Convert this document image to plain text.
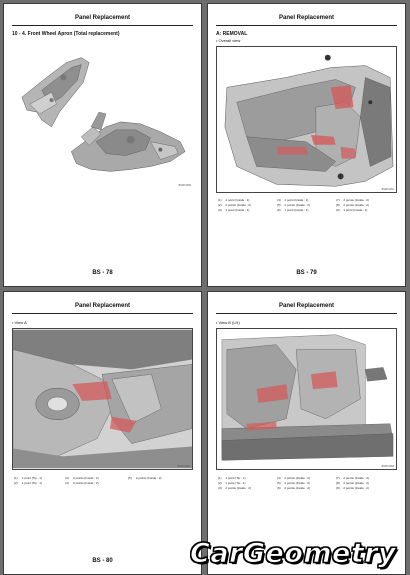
Panel Replacement
10 - 4. Front Wheel Apron (Total replacement)
BSM01050
BS - 78
Panel Replacement
A: REMOVAL
• Overall view
BSM01051
(1)	1 point (Inside : 1)	(4)	1 point (Inside : 1)	(7)	2 points (Inside : 2)
(2)	2 points (Inside : 2)	(5)	2 points (Inside : 2)	(8)	2 points (Inside : 2)
(3)	1 point (Inside : 1)	(6)	1 point (Inside : 1)	(9)	1 point (Inside : 1)
BS - 79
Panel Replacement
• View A
BSM01052
(1)	1 point (Tip : 1)	(3)	2 points (Inside : 2)	(5)	2 points (Inside : 2)
(2)	1 point (Tip : 1)	(4)	2 points (Inside : 2)		
BS - 80
Panel Replacement
• View B (LH)
BSM01053
(1)	1 point (Tip : 1)	(4)	2 points (Inside : 2)	(7)	2 points (Inside : 2)
(2)	1 point (Tip : 1)	(5)	2 points (Inside : 2)	(8)	2 points (Inside : 2)
(3)	2 points (Inside : 2)	(6)	2 points (Inside : 2)	(9)	2 points (Inside : 2)
CarGeometry
